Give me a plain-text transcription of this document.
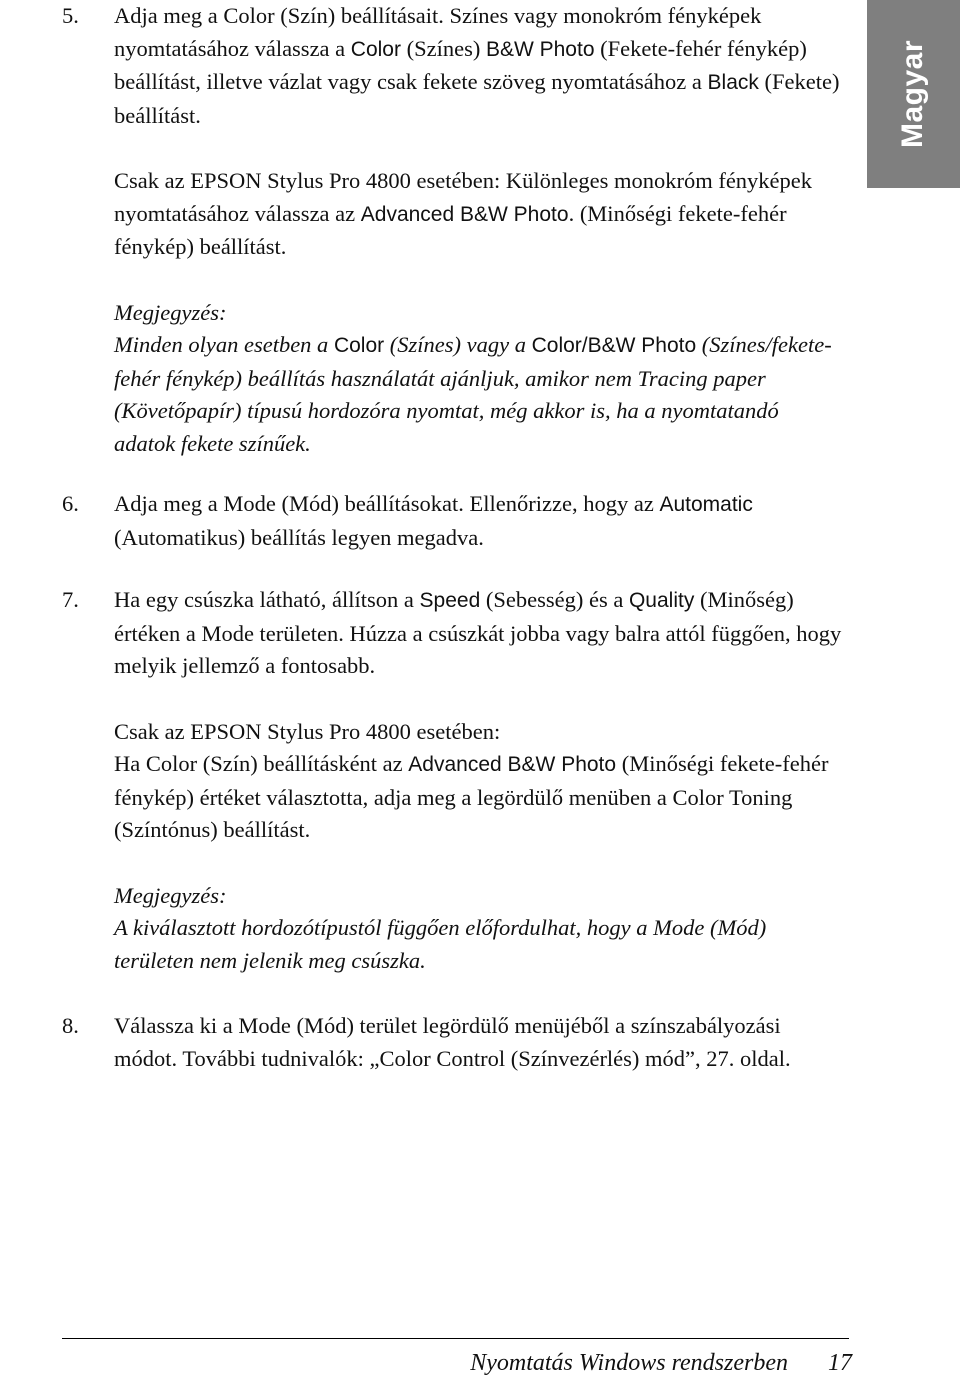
Magyar
5.	Adja meg a Color (Szín) beállításait. Színes vagy monokróm fényképek nyomtatásához válassza a Color (Színes) B&W Photo (Fekete-fehér fénykép) beállítást, illetve vázlat vagy csak fekete szöveg nyomtatásához a Black (Fekete) beállítást.

Csak az EPSON Stylus Pro 4800 esetében: Különleges monokróm fényképek nyomtatásához válassza az Advanced B&W Photo. (Minőségi fekete-fehér fénykép) beállítást.

Megjegyzés:

Minden olyan esetben a Color (Színes) vagy a Color/B&W Photo (Színes/fekete-fehér fénykép) beállítás használatát ajánljuk, amikor nem Tracing paper (Követőpapír) típusú hordozóra nyomtat, még akkor is, ha a nyomtatandó adatok fekete színűek.

6.	Adja meg a Mode (Mód) beállításokat. Ellenőrizze, hogy az Automatic (Automatikus) beállítás legyen megadva.

7.	Ha egy csúszka látható, állítson a Speed (Sebesség) és a Quality (Minőség) értéken a Mode területen. Húzza a csúszkát jobba vagy balra attól függően, hogy melyik jellemző a fontosabb.

Csak az EPSON Stylus Pro 4800 esetében:

Ha Color (Szín) beállításként az Advanced B&W Photo (Minőségi fekete-fehér fénykép) értéket választotta, adja meg a legördülő menüben a Color Toning (Színtónus) beállítást.

Megjegyzés:

A kiválasztott hordozótípustól függően előfordulhat, hogy a Mode (Mód) területen nem jelenik meg csúszka.

8.	Válassza ki a Mode (Mód) terület legördülő menüjéből a színszabályozási módot. További tudnivalók: „Color Control (Színvezérlés) mód”, 27. oldal.

Nyomtatás Windows rendszerben 17
